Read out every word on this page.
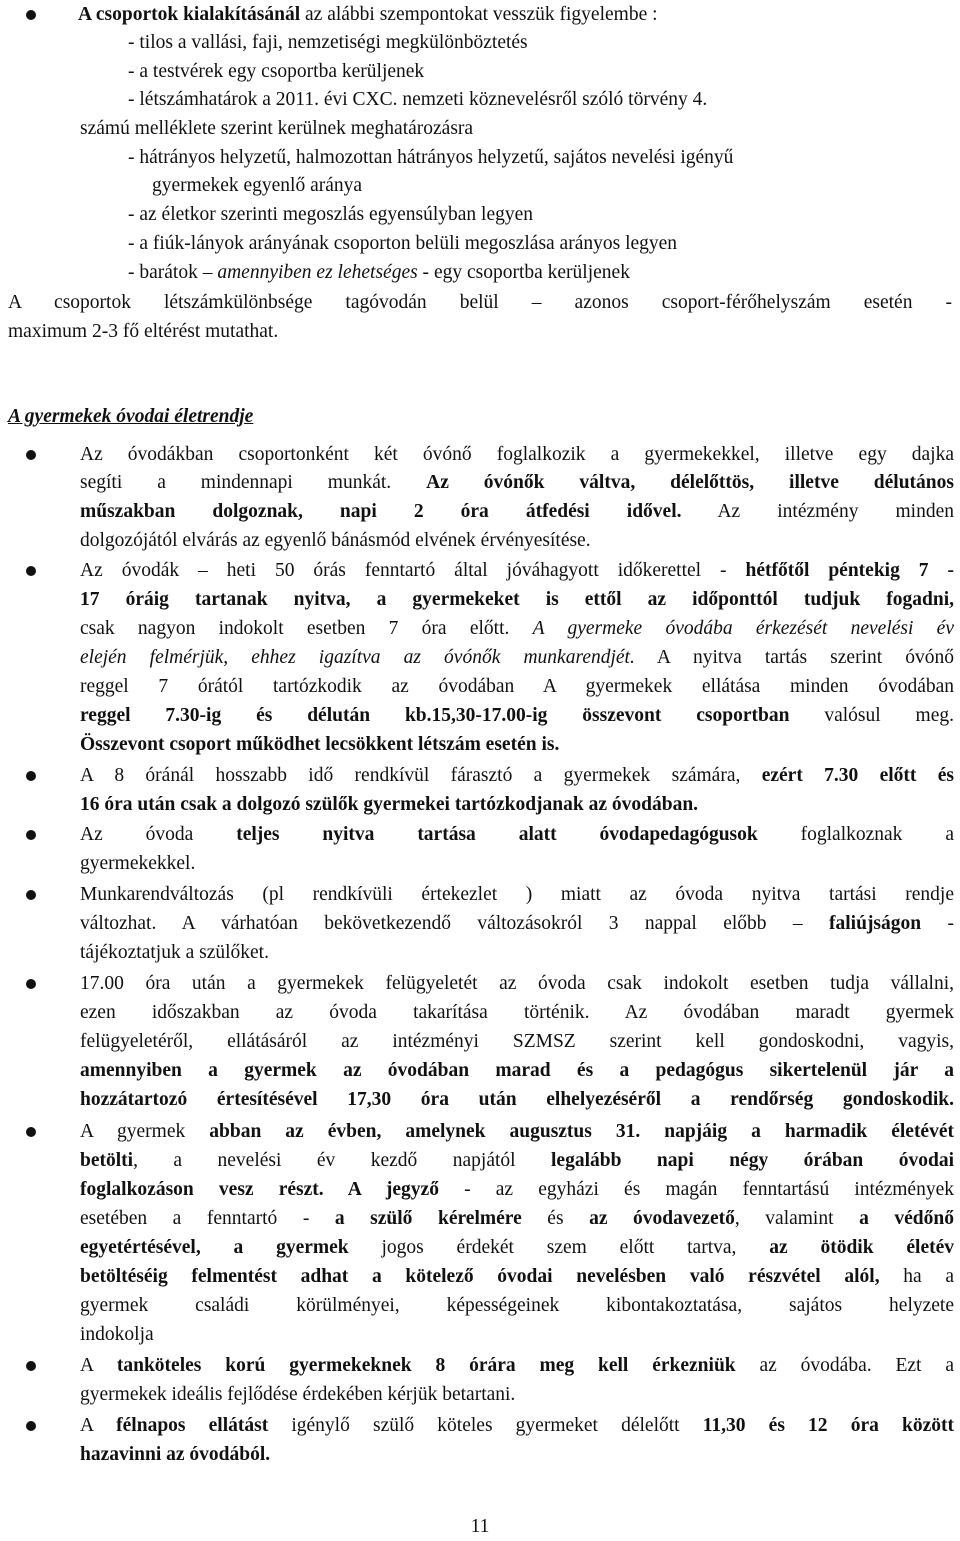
A csoportok kialakításánál az alábbi szempontokat vesszük figyelembe :
- tilos a vallási, faji, nemzetiségi megkülönböztetés
- a testvérek egy csoportba kerüljenek
- létszámhatárok a 2011. évi CXC. nemzeti köznevelésről szóló törvény 4.
számú melléklete szerint kerülnek meghatározásra
- hátrányos helyzetű, halmozottan hátrányos helyzetű, sajátos nevelési igényű
gyermekek egyenlő aránya
- az életkor szerinti megoszlás egyensúlyban legyen
- a fiúk-lányok arányának csoporton belüli megoszlása arányos legyen
- barátok – amennyiben ez lehetséges - egy csoportba kerüljenek
A csoportok létszámkülönbsége tagóvodán belül – azonos csoport-férőhelyszám esetén -
maximum 2-3 fő eltérést mutathat.
A gyermekek óvodai életrendje
Az óvodákban csoportonként két óvónő foglalkozik a gyermekekkel, illetve egy dajka
segíti a mindennapi munkát. Az óvónők váltva, délelőttös, illetve délutános
műszakban dolgoznak, napi 2 óra átfedési idővel. Az intézmény minden
dolgozójától elvárás az egyenlő bánásmód elvének érvényesítése.
Az óvodák – heti 50 órás fenntartó által jóváhagyott időkerettel - hétfőtől péntekig 7 -
17 óráig tartanak nyitva, a gyermekeket is ettől az időponttól tudjuk fogadni,
csak nagyon indokolt esetben 7 óra előtt. A gyermeke óvodába érkezését nevelési év
elején felmérjük, ehhez igazítva az óvónők munkarendjét. A nyitva tartás szerint óvónő
reggel 7 órától tartózkodik az óvodában A gyermekek ellátása minden óvodában
reggel 7.30-ig és délután kb.15,30-17.00-ig összevont csoportban valósul meg.
Összevont csoport működhet lecsökkent létszám esetén is.
A 8 óránál hosszabb idő rendkívül fárasztó a gyermekek számára, ezért 7.30 előtt és
16 óra után csak a dolgozó szülők gyermekei tartózkodjanak az óvodában.
Az óvoda teljes nyitva tartása alatt óvodapedagógusok foglalkoznak a
gyermekekkel.
Munkarendváltozás (pl rendkívüli értekezlet ) miatt az óvoda nyitva tartási rendje
változhat. A várhatóan bekövetkezendő változásokról 3 nappal előbb – faliújságon -
tájékoztatjuk a szülőket.
17.00 óra után a gyermekek felügyeletét az óvoda csak indokolt esetben tudja vállalni,
ezen időszakban az óvoda takarítása történik. Az óvodában maradt gyermek
felügyeletéről, ellátásáról az intézményi SZMSZ szerint kell gondoskodni, vagyis,
amennyiben a gyermek az óvodában marad és a pedagógus sikertelenül jár a
hozzátartozó értesítésével 17,30 óra után elhelyezéséről a rendőrség gondoskodik.
A gyermek abban az évben, amelynek augusztus 31. napjáig a harmadik életévét
betölti, a nevelési év kezdő napjától legalább napi négy órában óvodai
foglalkozáson vesz részt. A jegyző - az egyházi és magán fenntartású intézmények
esetében a fenntartó - a szülő kérelmére és az óvodavezető, valamint a védőnő
egyetértésével, a gyermek jogos érdekét szem előtt tartva, az ötödik életév
betöltéséig felmentést adhat a kötelező óvodai nevelésben való részvétel alól, ha a
gyermek családi körülményei, képességeinek kibontakoztatása, sajátos helyzete
indokolja
A tanköteles korú gyermekeknek 8 órára meg kell érkezniük az óvodába. Ezt a
gyermekek ideális fejlődése érdekében kérjük betartani.
A félnapos ellátást igénylő szülő köteles gyermeket délelőtt 11,30 és 12 óra között
hazavinni az óvodából.
11
